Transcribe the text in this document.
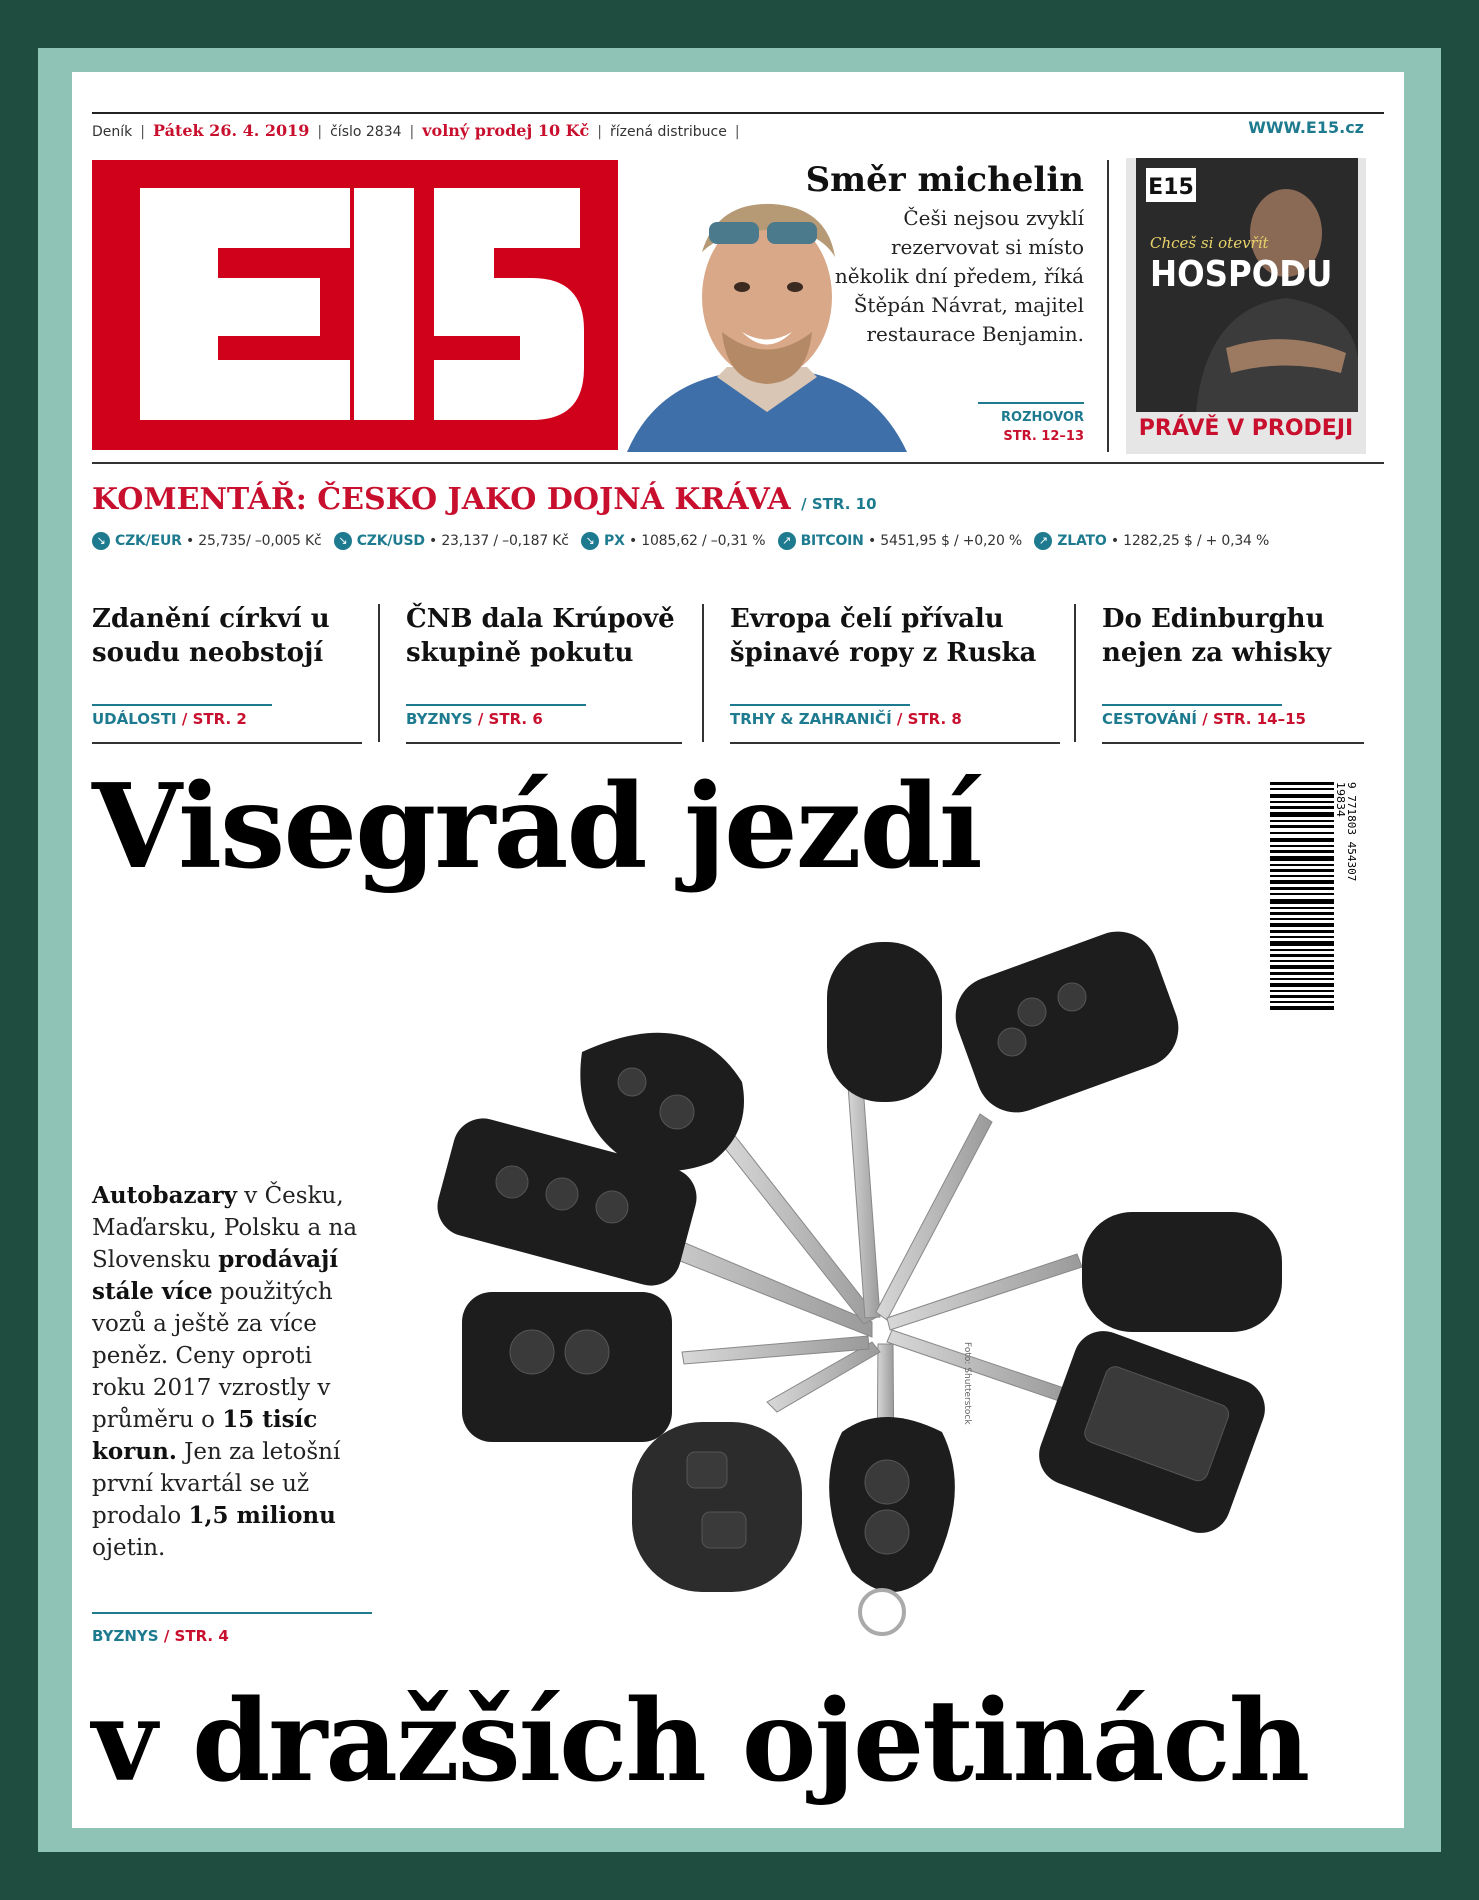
Deník | Pátek 26. 4. 2019 | číslo 2834 | volný prodej 10 Kč | řízená distribuce |	WWW.E15.cz
Směr michelin
Češi nejsou zvyklí rezervovat si místo několik dní předem, říká Štěpán Návrat, majitel restaurace Benjamin.
ROZHOVOR
STR. 12–13
E15
Chceš si otevřít
HOSPODU
PRÁVĚ V PRODEJI
KOMENTÁŘ: ČESKO JAKO DOJNÁ KRÁVA / STR. 10
↘ CZK/EUR • 25,735/ –0,005 Kč ↘ CZK/USD • 23,137 / –0,187 Kč ↘ PX • 1085,62 / –0,31 % ↗ BITCOIN • 5451,95 $ / +0,20 % ↗ ZLATO • 1282,25 $ / + 0,34 %
Zdanění církví u soudu neobstojí
UDÁLOSTI / STR. 2
ČNB dala Krúpově skupině pokutu
BYZNYS / STR. 6
Evropa čelí přívalu špinavé ropy z Ruska
TRHY & ZAHRANIČÍ / STR. 8
Do Edinburghu nejen za whisky
CESTOVÁNÍ / STR. 14–15
Visegrád jezdí	9 771803 454307
19834
Foto: Shutterstock
Autobazary v Česku, Maďarsku, Polsku a na Slovensku prodávají stále více použitých vozů a ještě za více peněz. Ceny oproti roku 2017 vzrostly v průměru o 15 tisíc korun. Jen za letošní první kvartál se už prodalo 1,5 milionu ojetin.
BYZNYS / STR. 4
v dražších ojetinách
